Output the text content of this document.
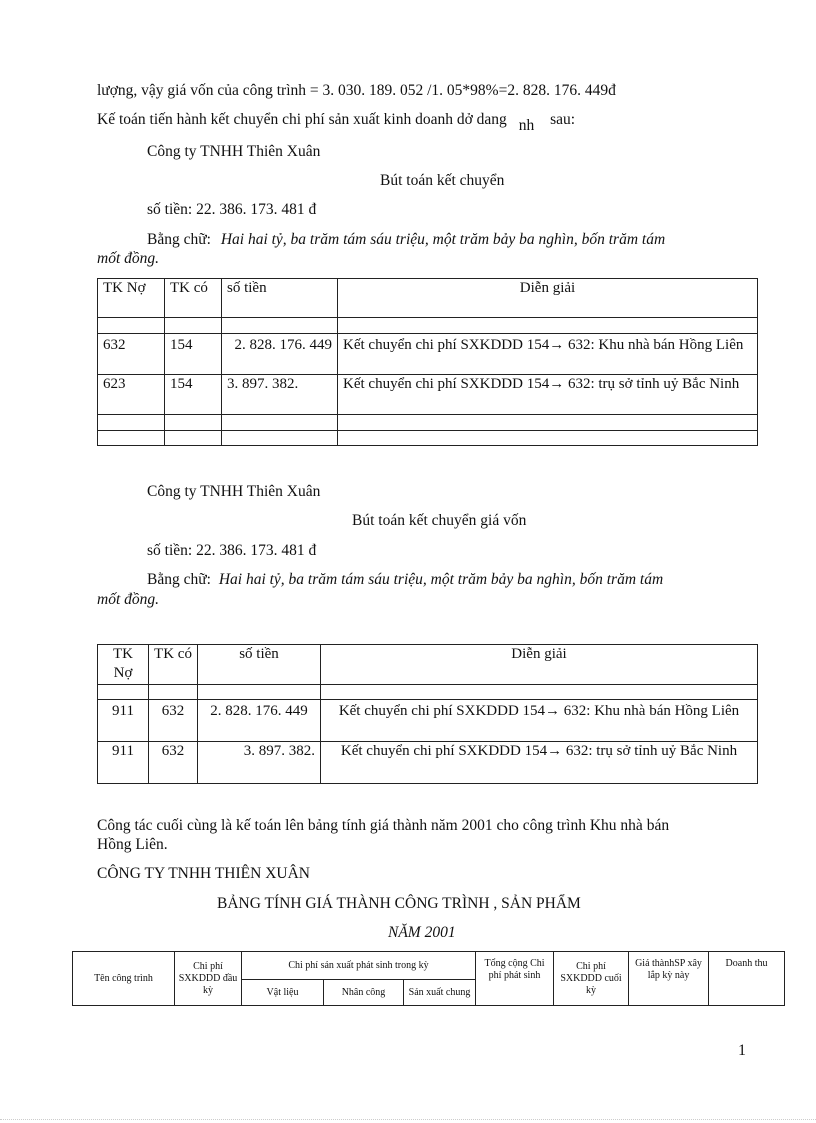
lượng, vậy giá vốn của công trình = 3. 030. 189. 052 /1. 05*98%=2. 828. 176. 449đ
Kế toán tiến hành kết chuyển chi phí sản xuất kinh doanh dở dang nh sau:
Công ty TNHH Thiên Xuân
Bút toán kết chuyển
số tiền: 22. 386. 173. 481 đ
Bằng chữ: Hai hai tỷ, ba trăm tám sáu triệu, một trăm bảy ba nghìn, bốn trăm tám
mốt đồng.
TK Nợ	TK có	số tiền	Diễn giải

632	154	2. 828. 176. 449	Kết chuyển chi phí SXKDDD 154→ 632: Khu nhà bán Hồng Liên
623	154	3. 897. 382.	Kết chuyển chi phí SXKDDD 154→ 632: trụ sở tỉnh uỷ Bắc Ninh

Công ty TNHH Thiên Xuân
Bút toán kết chuyển giá vốn
số tiền: 22. 386. 173. 481 đ
Bằng chữ: Hai hai tỷ, ba trăm tám sáu triệu, một trăm bảy ba nghìn, bốn trăm tám
mốt đồng.
TK Nợ	TK có	số tiền	Diễn giải

911	632	2. 828. 176. 449	Kết chuyển chi phí SXKDDD 154→ 632: Khu nhà bán Hồng Liên
911	632	3. 897. 382.	Kết chuyển chi phí SXKDDD 154→ 632: trụ sở tỉnh uỷ Bắc Ninh
Công tác cuối cùng là kế toán lên bảng tính giá thành năm 2001 cho công trình Khu nhà bán
Hồng Liên.
CÔNG TY TNHH THIÊN XUÂN
BẢNG TÍNH GIÁ THÀNH CÔNG TRÌNH , SẢN PHẨM
NĂM 2001
Tên công trình	Chi phí SXKDDD đầu kỳ	Chi phí sản xuất phát sinh trong kỳ			Tổng cộng Chi phí phát sinh	Chi phí SXKDDD cuối kỳ	Giá thànhSP xây lắp kỳ này	Doanh thu
		Vật liệu	Nhân công	Sản xuất chung				
1
